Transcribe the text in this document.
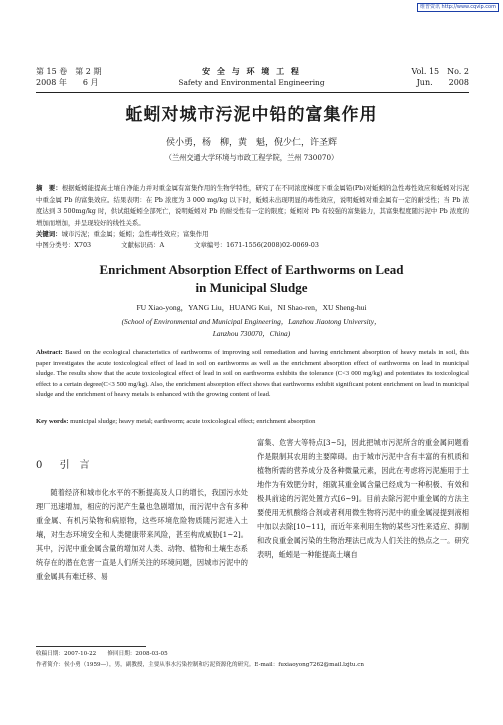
维普资讯 http://www.cqvip.com
第 15 卷　第 2 期
2008 年　　6 月
安 全 与 环 境 工 程
Safety and Environmental Engineering
Vol. 15　No. 2
Jun.　　2008
蚯蚓对城市污泥中铅的富集作用
侯小勇，杨　柳，黄　魁，倪少仁，许圣辉
（兰州交通大学环境与市政工程学院，兰州 730070）
摘　要：根据蚯蚓能提高土壤自净能力并对重金属有富集作用的生物学特性，研究了在不同浓度梯度下重金属铅(Pb)对蚯蚓的急性毒性效应和蚯蚓对污泥中重金属 Pb 的富集效应。结果表明：在 Pb 浓度为 3 000 mg/kg 以下时，蚯蚓未出现明显的毒性效应，说明蚯蚓对重金属有一定的耐受性；当 Pb 浓度达到 3 500mg/kg 时，供试组蚯蚓全部死亡，说明蚯蚓对 Pb 的耐受性有一定的限度；蚯蚓对 Pb 有较强的富集能力，其富集程度随污泥中 Pb 浓度的增加而增加，并呈现较好的线性关系。
关键词：城市污泥；重金属；蚯蚓；急性毒性效应；富集作用
中图分类号：X703	文献标识码：A	文章编号：1671-1556(2008)02-0069-03
Enrichment Absorption Effect of Earthworms on Lead
in Municipal Sludge
FU Xiao-yong，YANG Liu，HUANG Kui，NI Shao-ren，XU Sheng-hui
(School of Environmental and Municipal Engineering，Lanzhou Jiaotong University，
Lanzhou 730070，China)
Abstract: Based on the ecological characteristics of earthworms of improving soil remediation and having enrichment absorption of heavy metals in soil, this paper investigates the acute toxicological effect of lead in soil on earthworms as well as the enrichment absorption effect of earthworms on lead in municipal sludge. The results show that the acute toxicological effect of lead in soil on earthworms exhibits the tolerance (C<3 000 mg/kg) and potentiates its toxicological effect to a certain degree(C<3 500 mg/kg). Also, the enrichment absorption effect shows that earthworms exhibit significant potent enrichment on lead in municipal sludge and the enrichment of heavy metals is enhanced with the growing content of lead.
Key words: municipal sludge; heavy metal; earthworm; acute toxicological effect; enrichment absorption
0 引　言
随着经济和城市化水平的不断提高及人口的增长，我国污水处理厂迅速增加，相应的污泥产生量也急剧增加，而污泥中含有多种重金属、有机污染物和病原物，这些环境危险物质随污泥进入土壤，对生态环境安全和人类健康带来风险，甚至构成威胁[1~2]。其中，污泥中重金属含量的增加对人类、动物、植物和土壤生态系统存在的潜在危害一直是人们所关注的环境问题，因城市污泥中的重金属具有难迁移、易
富集、危害大等特点[3~5]，因此把城市污泥所含的重金属问题看作是限制其农用的主要障碍。由于城市污泥中含有丰富的有机质和植物所需的营养成分及各种微量元素，因此在考虑将污泥施用于土地作为有效肥分时，细就其重金属含量已经成为一种积极、有效和极具前途的污泥处置方式[6~9]。目前去除污泥中重金属的方法主要使用无机酸络合剂或者利用微生物将污泥中的重金属浸提到液相中加以去除[10~11]，而近年来利用生物的某些习性来适应、抑制和改良重金属污染的生物治理法已成为人们关注的热点之一。研究表明，蚯蚓是一种能提高土壤自
收稿日期：2007-10-22　　修回日期：2008-03-05
作者简介：侯小勇（1959—），男，副教授，主要从事水污染控制和污泥资源化的研究。E-mail：fuxiaoyong7262@mail.lzjtu.cn
